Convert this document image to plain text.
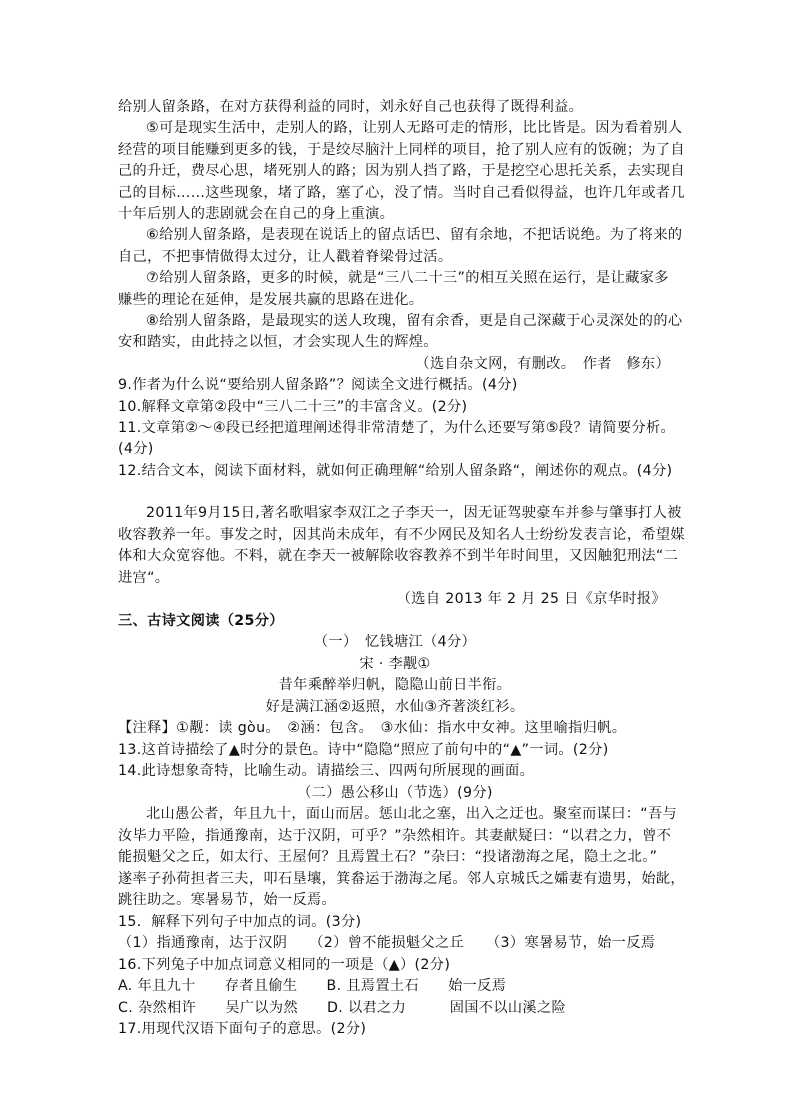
给别人留条路，在对方获得利益的同时，刘永好自己也获得了既得利益。
⑤可是现实生活中，走别人的路，让别人无路可走的情形，比比皆是。因为看着别人
经营的项目能赚到更多的钱，于是绞尽脑汁上同样的项目，抢了别人应有的饭碗；为了自
己的升迁，费尽心思，堵死别人的路；因为别人挡了路，于是挖空心思托关系，去实现自
己的目标……这些现象，堵了路，塞了心，没了情。当时自己看似得益，也许几年或者几
十年后别人的悲剧就会在自己的身上重演。
⑥给别人留条路，是表现在说话上的留点话巴、留有余地，不把话说绝。为了将来的
自己，不把事情做得太过分，让人戳着脊梁骨过活。
⑦给别人留条路，更多的时候，就是“三八二十三”的相互关照在运行，是让藏家多
赚些的理论在延伸，是发展共赢的思路在进化。
⑧给别人留条路，是最现实的送人玫瑰，留有余香，更是自己深藏于心灵深处的的心
安和踏实，由此持之以恒，才会实现人生的辉煌。
（选自杂文网，有删改。　作者　修东）
9.作者为什么说“要给别人留条路”？阅读全文进行概括。(4分)
10.解释文章第②段中“三八二十三”的丰富含义。(2分)
11.文章第②～④段已经把道理阐述得非常清楚了，为什么还要写第⑤段？请简要分析。
(4分)
12.结合文本，阅读下面材料，就如何正确理解“给别人留条路“，阐述你的观点。(4分)
2011年9月15日,著名歌唱家李双江之子李天一，因无证驾驶豪车并参与肇事打人被
收容教养一年。事发之时，因其尚未成年，有不少网民及知名人士纷纷发表言论，希望媒
体和大众宽容他。不料，就在李天一被解除收容教养不到半年时间里，又因触犯刑法“二
进宫“。
（选自 2013 年 2 月 25 日《京华时报》
三、古诗文阅读（25分）
（一）　忆钱塘江（4分）
宋 · 李觏①
昔年乘醉举归帆，隐隐山前日半衔。
好是满江涵②返照，水仙③齐著淡红衫。
【注释】①觏：读 gòu。　②涵：包含。　③水仙：指水中女神。这里喻指归帆。
13.这首诗描绘了▲时分的景色。诗中“隐隐“照应了前句中的“▲”一词。(2分)
14.此诗想象奇特，比喻生动。请描绘三、四两句所展现的画面。
（二）愚公移山（节选）(9分)
北山愚公者，年且九十，面山而居。惩山北之塞，出入之迂也。聚室而谋曰：“吾与
汝毕力平险，指通豫南，达于汉阴，可乎？”杂然相许。其妻献疑曰：“以君之力，曾不
能损魁父之丘，如太行、王屋何？且焉置土石？”杂曰：“投诸渤海之尾，隐土之北。”
遂率子孙荷担者三夫，叩石垦壤，箕畚运于渤海之尾。邻人京城氏之孀妻有遗男，始龀，
跳往助之。寒暑易节，始一反焉。
15．解释下列句子中加点的词。(3分)
（1）指通豫南，达于汉阴　　（2）曾不能损魁父之丘　　（3）寒暑易节，始一反焉
16.下列兔子中加点词意义相同的一项是（▲）(2分)
A. 年且九十　　存者且偷生　　B. 且焉置土石　　始一反焉
C. 杂然相许　　吴广以为然　　D. 以君之力　　　固国不以山溪之险
17.用现代汉语下面句子的意思。(2分)
